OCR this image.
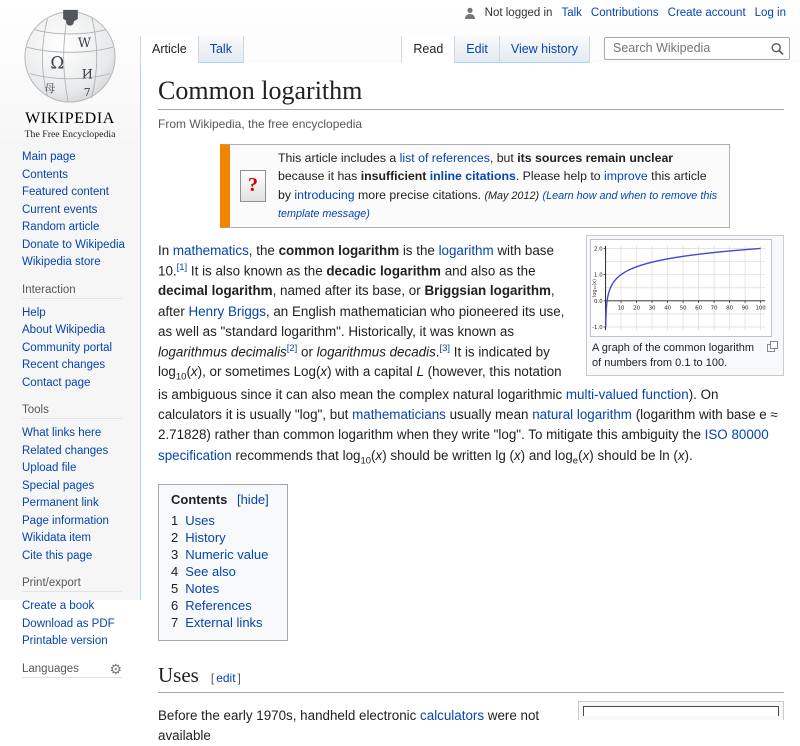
Ω
W
И
7
母
WIKIPEDIA
The Free Encyclopedia
Main page
Contents
Featured content
Current events
Random article
Donate to Wikipedia
Wikipedia store
Interaction
Help
About Wikipedia
Community portal
Recent changes
Contact page
Tools
What links here
Related changes
Upload file
Special pages
Permanent link
Page information
Wikidata item
Cite this page
Print/export
Create a book
Download as PDF
Printable version
Languages ⚙
Not logged in Talk Contributions Create account Log in
Article	Talk	Read	Edit	View history
Search Wikipedia
Common logarithm
From Wikipedia, the free encyclopedia
?
This article includes a list of references, but its sources remain unclear because it has insufficient inline citations. Please help to improve this article by introducing more precise citations. (May 2012) (Learn how and when to remove this template message)
10 20 30 40 50 60 70 80 90 100
-1.0
0.0
1.0
2.0
log₁₀(x)
A graph of the common logarithm of numbers from 0.1 to 100.

In mathematics, the common logarithm is the logarithm with base 10.[1] It is also known as the decadic logarithm and also as the decimal logarithm, named after its base, or Briggsian logarithm, after Henry Briggs, an English mathematician who pioneered its use, as well as "standard logarithm". Historically, it was known as logarithmus decimalis[2] or logarithmus decadis.[3] It is indicated by $\log_{10}(x)$, or sometimes Log(x) with a capital L (however, this notation is ambiguous since it can also mean the complex natural logarithmic multi-valued function). On calculators it is usually "log", but mathematicians usually mean natural logarithm (logarithm with base e ≈ 2.71828) rather than common logarithm when they write "log". To mitigate this ambiguity the ISO 80000 specification recommends that $\log_{10}(x)$ should be written lg (x) and $\log_e(x)$ should be ln (x).

Contents [hide]
1 Uses
2 History
3 Numeric value
4 See also
5 Notes
6 References
7 External links
Uses [ edit ]

Before the early 1970s, handheld electronic calculators were not available
